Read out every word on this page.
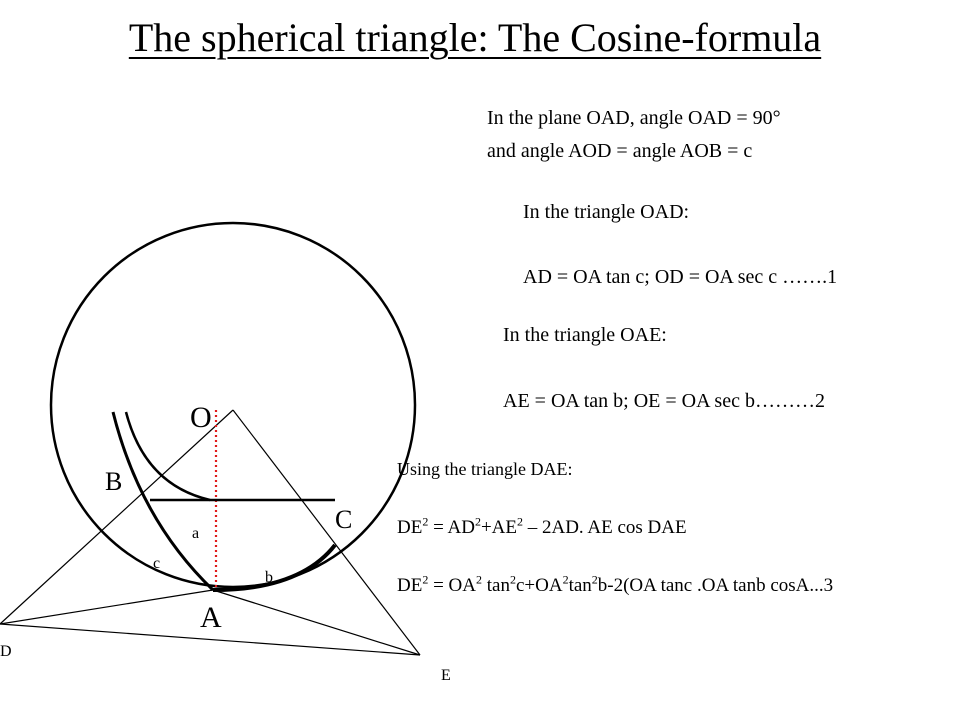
The spherical triangle: The Cosine-formula
O
A
B
C
D
E
a
b
c
In the plane OAD, angle OAD = 90°
and angle AOD = angle AOB = c
In the triangle OAD:
AD = OA tan c; OD = OA sec c …….1
In the triangle OAE:
AE = OA tan b; OE = OA sec b………2
Using the triangle DAE:
$DE^2 = AD^2+AE^2 - 2AD$. AE cos DAE
$DE^2 = OA^2$ $\tan^2c+OA^2\tan^2b-2(OA$ tanc .OA tanb cosA...3
